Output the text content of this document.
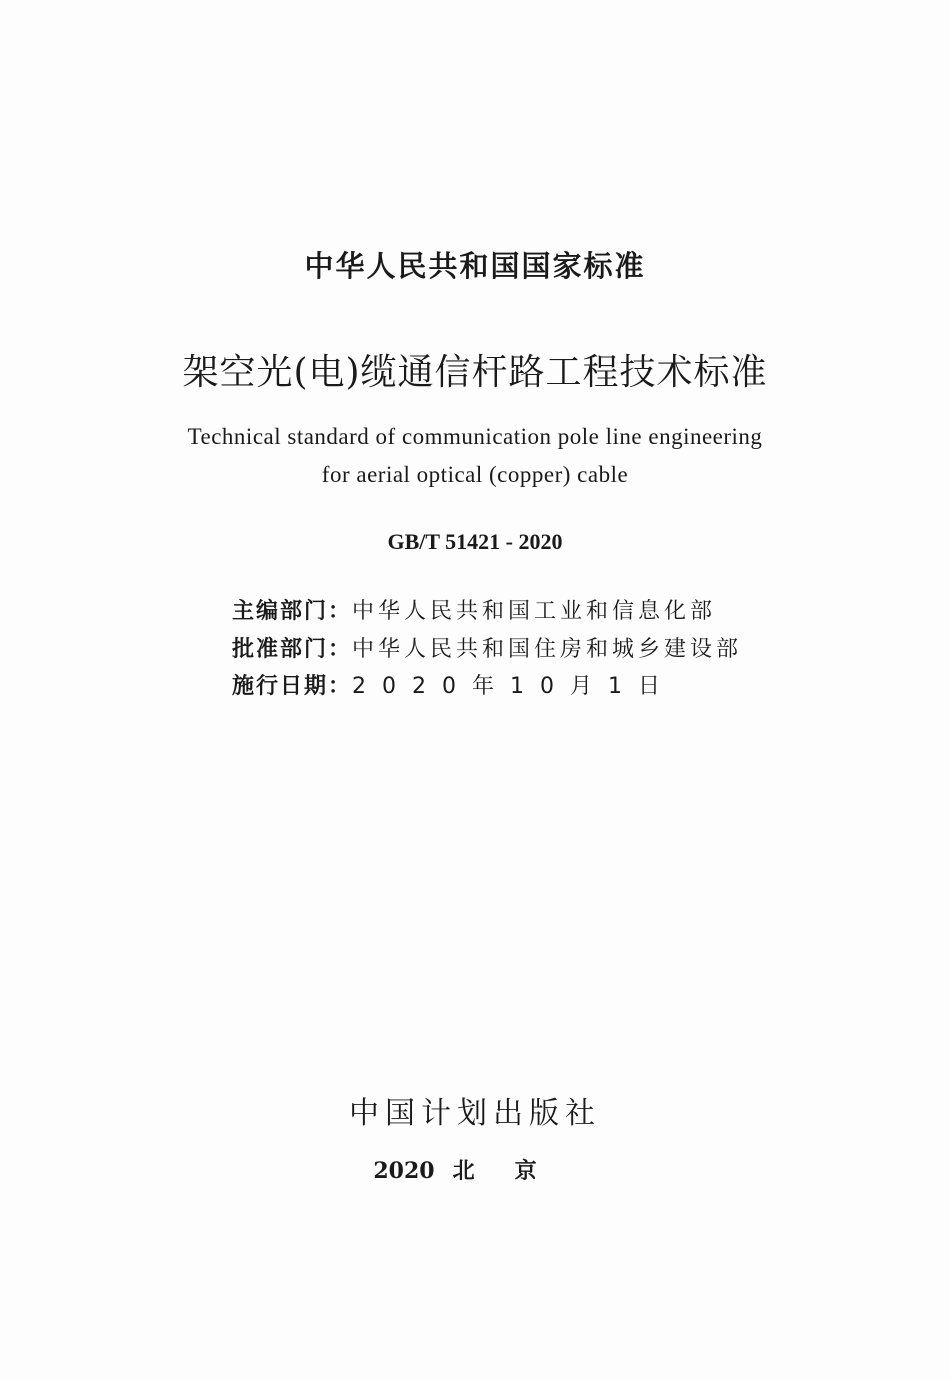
中华人民共和国国家标准
架空光(电)缆通信杆路工程技术标准
Technical standard of communication pole line engineering
for aerial optical (copper) cable
GB/T 51421 - 2020
主编部门：中华人民共和国工业和信息化部
批准部门：中华人民共和国住房和城乡建设部
施行日期：2020年10月1日
中国计划出版社
2020 北京
